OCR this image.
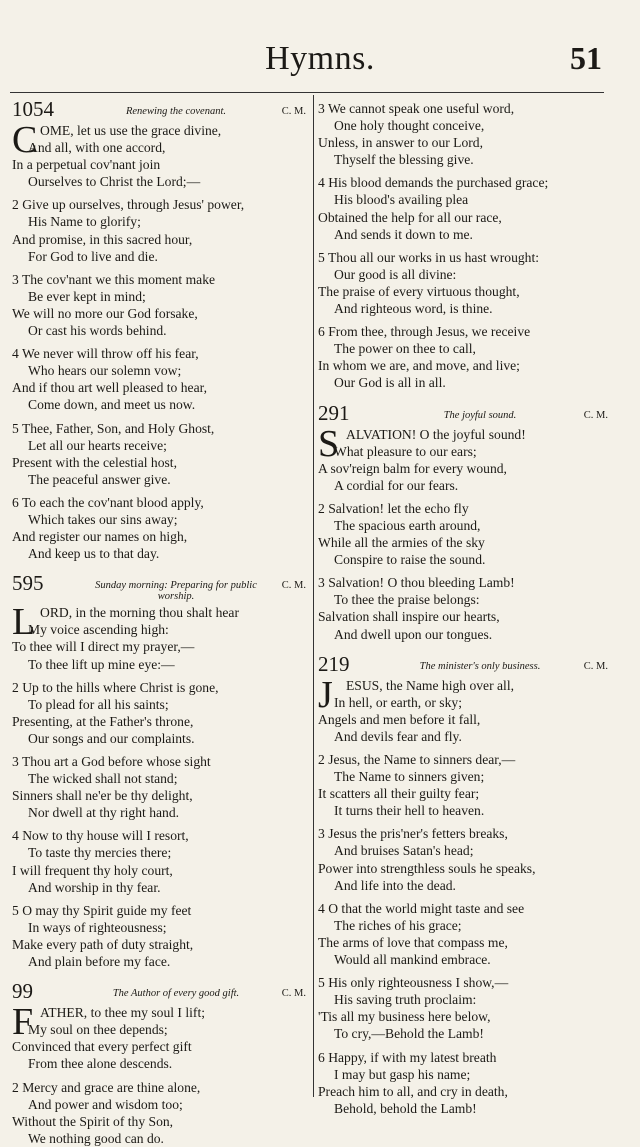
Hymns.	51
1054	Renewing the covenant.	C. M.
C OME, let us use the grace divine,
And all, with one accord,
In a perpetual cov'nant join
Ourselves to Christ the Lord;—
2 Give up ourselves, through Jesus' power,
His Name to glorify;
And promise, in this sacred hour,
For God to live and die.
3 The cov'nant we this moment make
Be ever kept in mind;
We will no more our God forsake,
Or cast his words behind.
4 We never will throw off his fear,
Who hears our solemn vow;
And if thou art well pleased to hear,
Come down, and meet us now.
5 Thee, Father, Son, and Holy Ghost,
Let all our hearts receive;
Present with the celestial host,
The peaceful answer give.
6 To each the cov'nant blood apply,
Which takes our sins away;
And register our names on high,
And keep us to that day.
595	Sunday morning: Preparing for public worship.
C. M.
L ORD, in the morning thou shalt hear
My voice ascending high:
To thee will I direct my prayer,—
To thee lift up mine eye:—
2 Up to the hills where Christ is gone,
To plead for all his saints;
Presenting, at the Father's throne,
Our songs and our complaints.
3 Thou art a God before whose sight
The wicked shall not stand;
Sinners shall ne'er be thy delight,
Nor dwell at thy right hand.
4 Now to thy house will I resort,
To taste thy mercies there;
I will frequent thy holy court,
And worship in thy fear.
5 O may thy Spirit guide my feet
In ways of righteousness;
Make every path of duty straight,
And plain before my face.
99	The Author of every good gift.	C. M.
F ATHER, to thee my soul I lift;
My soul on thee depends;
Convinced that every perfect gift
From thee alone descends.
2 Mercy and grace are thine alone,
And power and wisdom too;
Without the Spirit of thy Son,
We nothing good can do.
3 We cannot speak one useful word,
One holy thought conceive,
Unless, in answer to our Lord,
Thyself the blessing give.
4 His blood demands the purchased grace;
His blood's availing plea
Obtained the help for all our race,
And sends it down to me.
5 Thou all our works in us hast wrought:
Our good is all divine:
The praise of every virtuous thought,
And righteous word, is thine.
6 From thee, through Jesus, we receive
The power on thee to call,
In whom we are, and move, and live;
Our God is all in all.
291	The joyful sound.	C. M.
S ALVATION! O the joyful sound!
What pleasure to our ears;
A sov'reign balm for every wound,
A cordial for our fears.
2 Salvation! let the echo fly
The spacious earth around,
While all the armies of the sky
Conspire to raise the sound.
3 Salvation! O thou bleeding Lamb!
To thee the praise belongs:
Salvation shall inspire our hearts,
And dwell upon our tongues.
219	The minister's only business.	C. M.
J ESUS, the Name high over all,
In hell, or earth, or sky;
Angels and men before it fall,
And devils fear and fly.
2 Jesus, the Name to sinners dear,—
The Name to sinners given;
It scatters all their guilty fear;
It turns their hell to heaven.
3 Jesus the pris'ner's fetters breaks,
And bruises Satan's head;
Power into strengthless souls he speaks,
And life into the dead.
4 O that the world might taste and see
The riches of his grace;
The arms of love that compass me,
Would all mankind embrace.
5 His only righteousness I show,—
His saving truth proclaim:
'Tis all my business here below,
To cry,—Behold the Lamb!
6 Happy, if with my latest breath
I may but gasp his name;
Preach him to all, and cry in death,
Behold, behold the Lamb!
